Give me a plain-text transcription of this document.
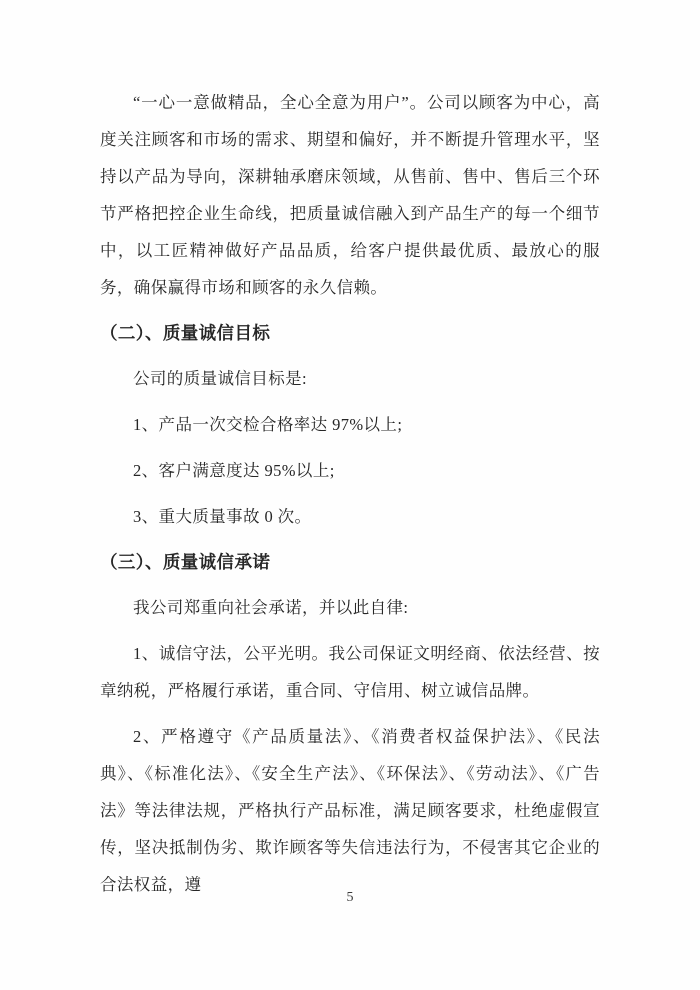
“一心一意做精品，全心全意为用户”。公司以顾客为中心，高度关注顾客和市场的需求、期望和偏好，并不断提升管理水平，坚持以产品为导向，深耕轴承磨床领域，从售前、售中、售后三个环节严格把控企业生命线，把质量诚信融入到产品生产的每一个细节中，以工匠精神做好产品品质，给客户提供最优质、最放心的服务，确保赢得市场和顾客的永久信赖。

（二）、质量诚信目标

公司的质量诚信目标是:

1、产品一次交检合格率达 97%以上;

2、客户满意度达 95%以上;

3、重大质量事故 0 次。

（三）、质量诚信承诺

我公司郑重向社会承诺，并以此自律:

1、诚信守法，公平光明。我公司保证文明经商、依法经营、按章纳税，严格履行承诺，重合同、守信用、树立诚信品牌。

2、严格遵守《产品质量法》、《消费者权益保护法》、《民法典》、《标准化法》、《安全生产法》、《环保法》、《劳动法》、《广告法》等法律法规，严格执行产品标准，满足顾客要求，杜绝虚假宣传，坚决抵制伪劣、欺诈顾客等失信违法行为，不侵害其它企业的合法权益，遵

5
